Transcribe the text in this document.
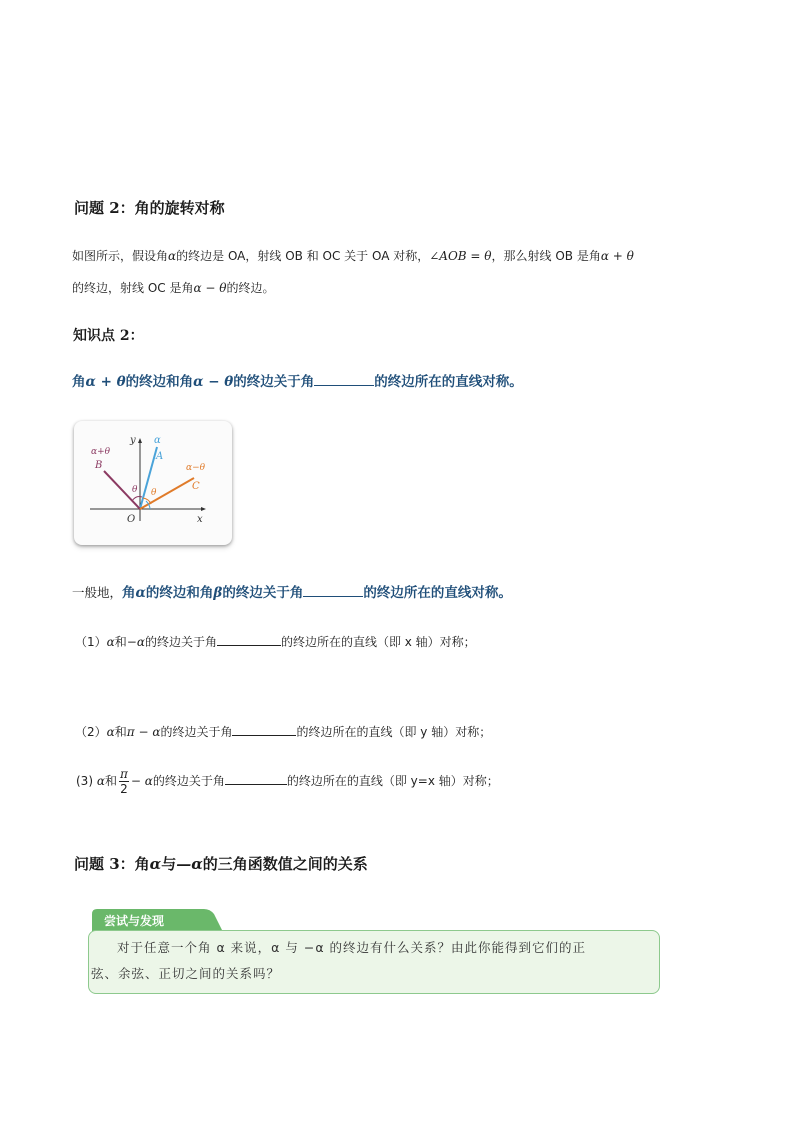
问题 2：角的旋转对称
如图所示，假设角α的终边是 OA，射线 OB 和 OC 关于 OA 对称，∠AOB = θ，那么射线 OB 是角α + θ
的终边，射线 OC 是角α − θ的终边。
知识点 2：
角α + θ的终边和角α − θ的终边关于角	的终边所在的直线对称。
y
x
O
α
A
B
α+θ
α−θ
C
θ θ
一般地，角α的终边和角β的终边关于角	的终边所在的直线对称。
（1）α和−α的终边关于角	的终边所在的直线（即 x 轴）对称；
（2）α和π − α的终边关于角	的终边所在的直线（即 y 轴）对称；
(3) α和 $\frac{\pi}{2} - \alpha$的终边关于角	的终边所在的直线（即 y=x 轴）对称；
问题 3：角α与—α的三角函数值之间的关系
尝试与发现
对于任意一个角 α 来说，α 与 −α 的终边有什么关系？由此你能得到它们的正
弦、余弦、正切之间的关系吗？
